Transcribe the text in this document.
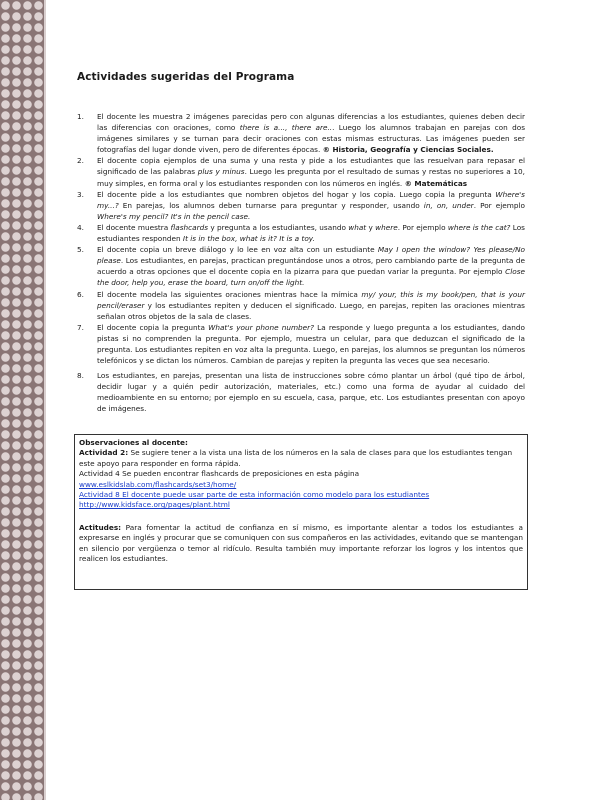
Actividades sugeridas del Programa
1. El docente les muestra 2 imágenes parecidas pero con algunas diferencias a los estudiantes, quienes deben decir las diferencias con oraciones, como there is a..., there are... Luego los alumnos trabajan en parejas con dos imágenes similares y se turnan para decir oraciones con estas mismas estructuras. Las imágenes pueden ser fotografías del lugar donde viven, pero de diferentes épocas. ® Historia, Geografía y Ciencias Sociales.
2. El docente copia ejemplos de una suma y una resta y pide a los estudiantes que las resuelvan para repasar el significado de las palabras plus y minus. Luego les pregunta por el resultado de sumas y restas no superiores a 10, muy simples, en forma oral y los estudiantes responden con los números en inglés. ® Matemáticas
3. El docente pide a los estudiantes que nombren objetos del hogar y los copia. Luego copia la pregunta Where's my...? En parejas, los alumnos deben turnarse para preguntar y responder, usando in, on, under. Por ejemplo Where's my pencil? It's in the pencil case.
4. El docente muestra flashcards y pregunta a los estudiantes, usando what y where. Por ejemplo where is the cat? Los estudiantes responden It is in the box, what is it? It is a toy.
5. El docente copia un breve diálogo y lo lee en voz alta con un estudiante May I open the window? Yes please/No please. Los estudiantes, en parejas, practican preguntándose unos a otros, pero cambiando parte de la pregunta de acuerdo a otras opciones que el docente copia en la pizarra para que puedan variar la pregunta. Por ejemplo Close the door, help you, erase the board, turn on/off the light.
6. El docente modela las siguientes oraciones mientras hace la mímica my/ your, this is my book/pen, that is your pencil/eraser y los estudiantes repiten y deducen el significado. Luego, en parejas, repiten las oraciones mientras señalan otros objetos de la sala de clases.
7. El docente copia la pregunta What's your phone number? La responde y luego pregunta a los estudiantes, dando pistas si no comprenden la pregunta. Por ejemplo, muestra un celular, para que deduzcan el significado de la pregunta. Los estudiantes repiten en voz alta la pregunta. Luego, en parejas, los alumnos se preguntan los números telefónicos y se dictan los números. Cambian de parejas y repiten la pregunta las veces que sea necesario.
8. Los estudiantes, en parejas, presentan una lista de instrucciones sobre cómo plantar un árbol (qué tipo de árbol, decidir lugar y a quién pedir autorización, materiales, etc.) como una forma de ayudar al cuidado del medioambiente en su entorno; por ejemplo en su escuela, casa, parque, etc. Los estudiantes presentan con apoyo de imágenes.
Observaciones al docente:
Actividad 2: Se sugiere tener a la vista una lista de los números en la sala de clases para que los estudiantes tengan este apoyo para responder en forma rápida.
Actividad 4 Se pueden encontrar flashcards de preposiciones en esta página
www.eslkidslab.com/flashcards/set3/home/
Actividad 8 El docente puede usar parte de esta información como modelo para los estudiantes
http://www.kidsface.org/pages/plant.html
Actitudes: Para fomentar la actitud de confianza en sí mismo, es importante alentar a todos los estudiantes a expresarse en inglés y procurar que se comuniquen con sus compañeros en las actividades, evitando que se mantengan en silencio por vergüenza o temor al ridículo. Resulta también muy importante reforzar los logros y los intentos que realicen los estudiantes.
